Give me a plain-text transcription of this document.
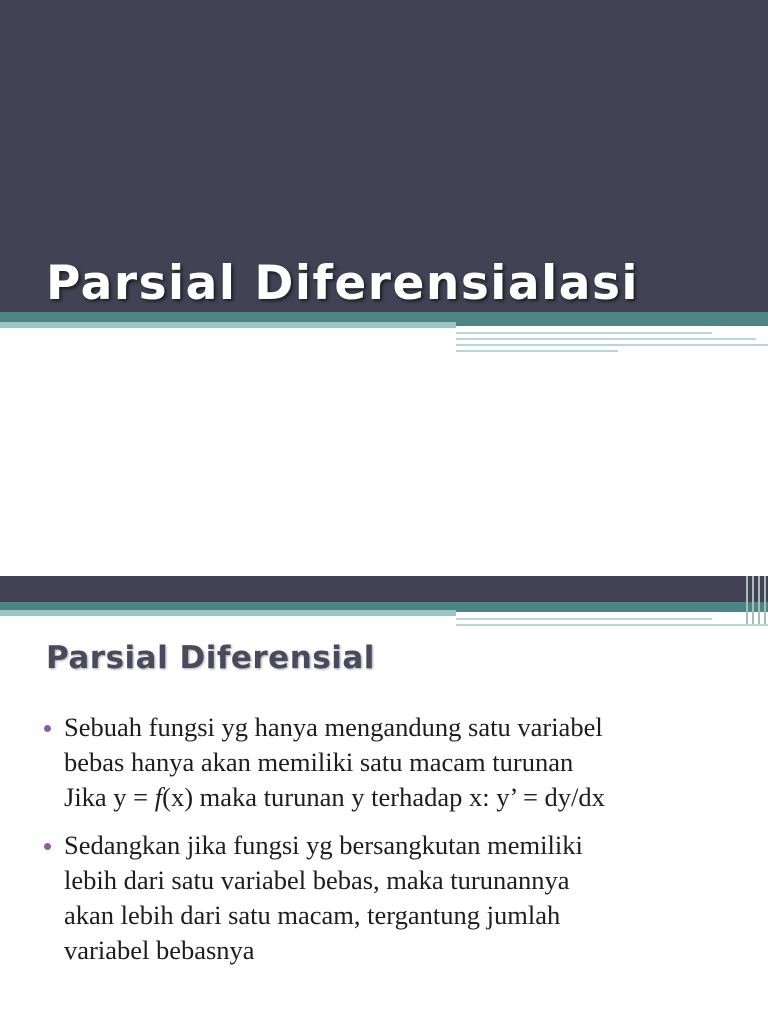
Parsial Diferensialasi
Parsial Diferensial
Sebuah fungsi yg hanya mengandung satu variabel
bebas hanya akan memiliki satu macam turunan
Jika y = f(x) maka turunan y terhadap x: y’ = dy/dx
Sedangkan jika fungsi yg bersangkutan memiliki
lebih dari satu variabel bebas, maka turunannya
akan lebih dari satu macam, tergantung jumlah
variabel bebasnya
